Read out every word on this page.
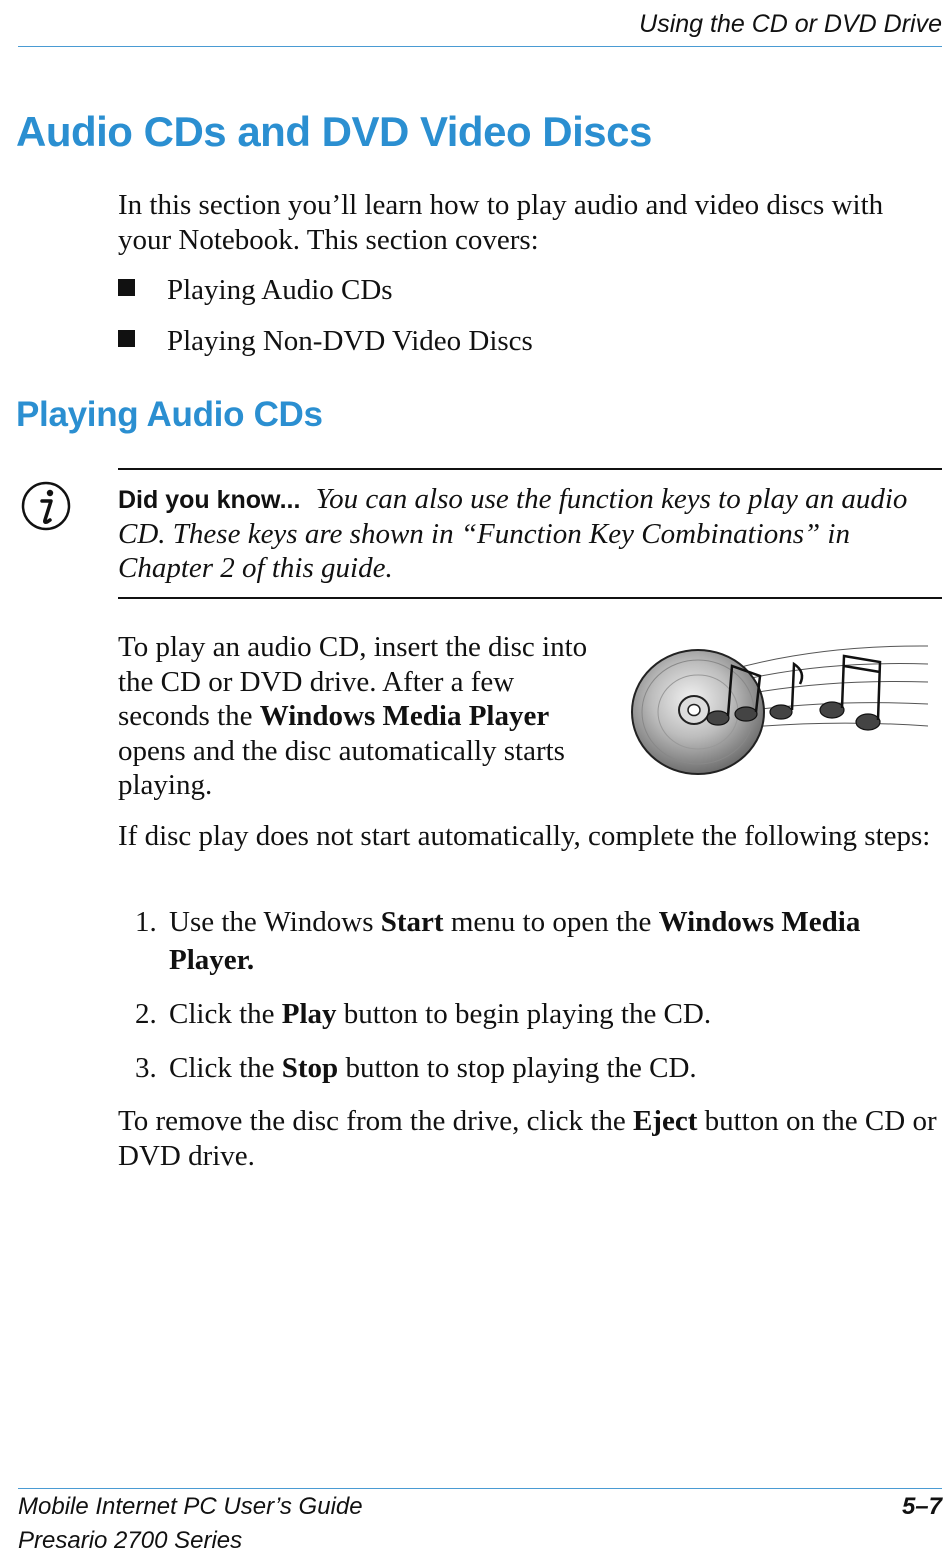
Using the CD or DVD Drive
Audio CDs and DVD Video Discs
In this section you’ll learn how to play audio and video discs with your Notebook. This section covers:
Playing Audio CDs
Playing Non-DVD Video Discs
Playing Audio CDs
Did you know... You can also use the function keys to play an audio CD. These keys are shown in “Function Key Combinations” in Chapter 2 of this guide.
To play an audio CD, insert the disc into the CD or DVD drive. After a few seconds the Windows Media Player opens and the disc automatically starts playing.
If disc play does not start automatically, complete the following steps:
1. Use the Windows Start menu to open the Windows Media Player.
2. Click the Play button to begin playing the CD.
3. Click the Stop button to stop playing the CD.
To remove the disc from the drive, click the Eject button on the CD or DVD drive.
Mobile Internet PC User’s Guide	5–7
Presario 2700 Series
